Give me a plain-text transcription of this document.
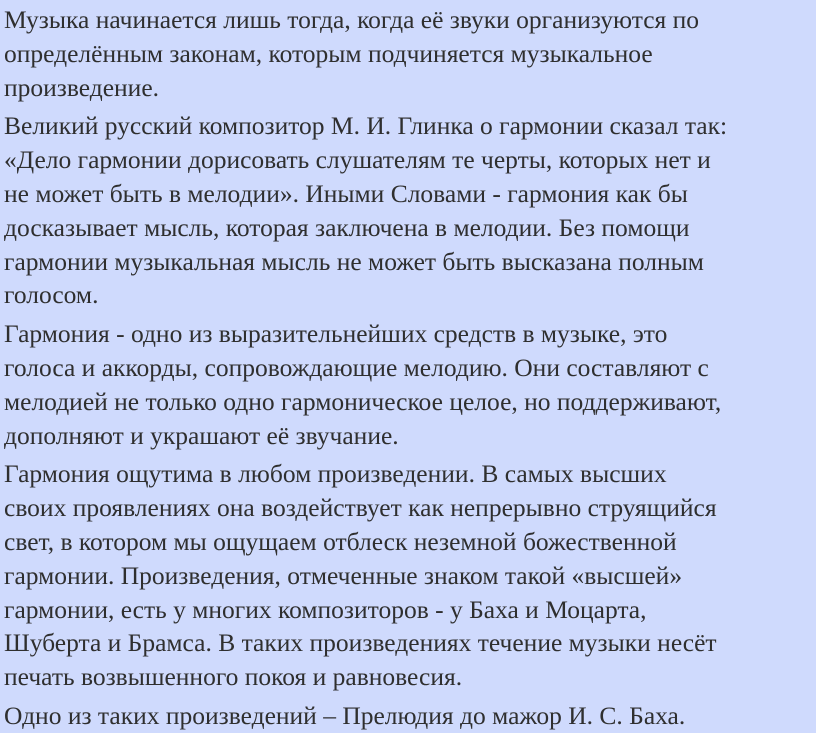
Музыка начинается лишь тогда, когда её звуки организуются по
определённым законам, которым подчиняется музыкальное
произведение.
Великий русский композитор М. И. Глинка о гармонии сказал так:
«Дело гармонии дорисовать слушателям те черты, которых нет и
не может быть в мелодии». Иными Словами - гармония как бы
досказывает мысль, которая заключена в мелодии. Без помощи
гармонии музыкальная мысль не может быть высказана полным
голосом.
Гармония - одно из выразительнейших средств в музыке, это
голоса и аккорды, сопровождающие мелодию. Они составляют с
мелодией не только одно гармоническое целое, но поддерживают,
дополняют и украшают её звучание.
Гармония ощутима в любом произведении. В самых высших
своих проявлениях она воздействует как непрерывно струящийся
свет, в котором мы ощущаем отблеск неземной божественной
гармонии. Произведения, отмеченные знаком такой «высшей»
гармонии, есть у многих композиторов - у Баха и Моцарта,
Шуберта и Брамса. В таких произведениях течение музыки несёт
печать возвышенного покоя и равновесия.
Одно из таких произведений – Прелюдия до мажор И. С. Баха.
